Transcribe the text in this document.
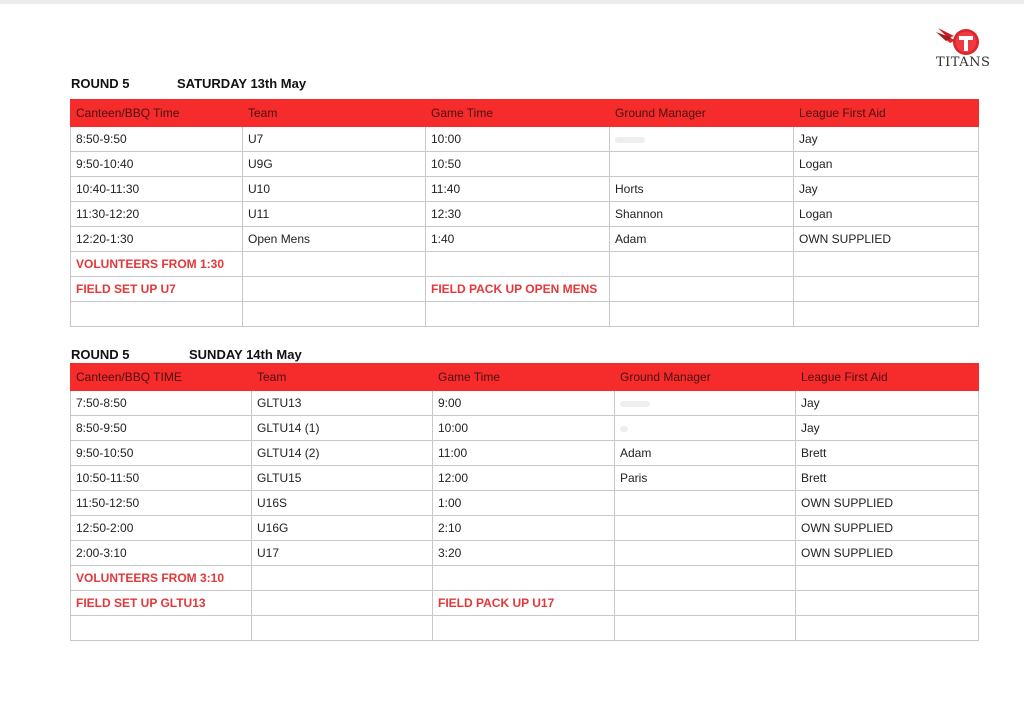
TITANS
ROUND 5	SATURDAY 13th May
Canteen/BBQ Time	Team	Game Time	Ground Manager	League First Aid
8:50-9:50	U7	10:00		Jay
9:50-10:40	U9G	10:50		Logan
10:40-11:30	U10	11:40	Horts	Jay
11:30-12:20	U11	12:30	Shannon	Logan
12:20-1:30	Open Mens	1:40	Adam	OWN SUPPLIED
VOLUNTEERS FROM 1:30				
FIELD SET UP U7		FIELD PACK UP OPEN MENS		

ROUND 5	SUNDAY 14th May
Canteen/BBQ TIME	Team	Game Time	Ground Manager	League First Aid
7:50-8:50	GLTU13	9:00		Jay
8:50-9:50	GLTU14 (1)	10:00		Jay
9:50-10:50	GLTU14 (2)	11:00	Adam	Brett
10:50-11:50	GLTU15	12:00	Paris	Brett
11:50-12:50	U16S	1:00		OWN SUPPLIED
12:50-2:00	U16G	2:10		OWN SUPPLIED
2:00-3:10	U17	3:20		OWN SUPPLIED
VOLUNTEERS FROM 3:10				
FIELD SET UP GLTU13		FIELD PACK UP U17		
